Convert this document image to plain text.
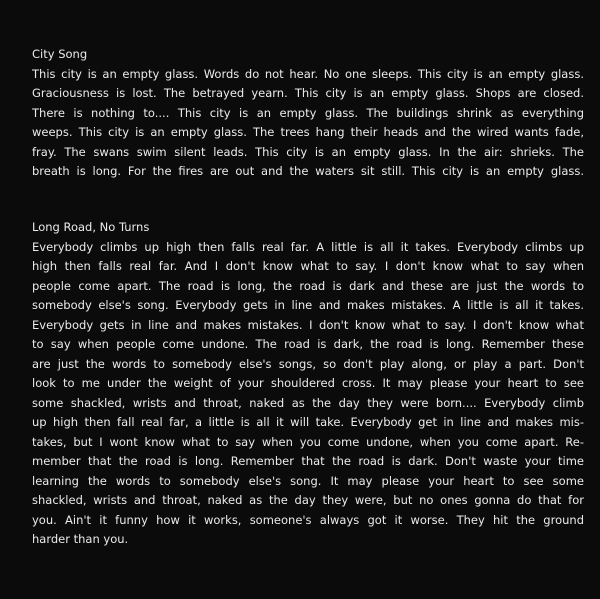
City Song
This city is an empty glass. Words do not hear. No one sleeps. This city is an empty glass.
Graciousness is lost. The betrayed yearn. This city is an empty glass. Shops are closed.
There is nothing to.... This city is an empty glass. The buildings shrink as everything
weeps. This city is an empty glass. The trees hang their heads and the wired wants fade,
fray. The swans swim silent leads. This city is an empty glass. In the air: shrieks. The
breath is long. For the fires are out and the waters sit still. This city is an empty glass.
Long Road, No Turns
Everybody climbs up high then falls real far. A little is all it takes. Everybody climbs up
high then falls real far. And I don't know what to say. I don't know what to say when
people come apart. The road is long, the road is dark and these are just the words to
somebody else's song. Everybody gets in line and makes mistakes. A little is all it takes.
Everybody gets in line and makes mistakes. I don't know what to say. I don't know what
to say when people come undone. The road is dark, the road is long. Remember these
are just the words to somebody else's songs, so don't play along, or play a part. Don't
look to me under the weight of your shouldered cross. It may please your heart to see
some shackled, wrists and throat, naked as the day they were born.... Everybody climb
up high then fall real far, a little is all it will take. Everybody get in line and makes mis-
takes, but I wont know what to say when you come undone, when you come apart. Re-
member that the road is long. Remember that the road is dark. Don't waste your time
learning the words to somebody else's song. It may please your heart to see some
shackled, wrists and throat, naked as the day they were, but no ones gonna do that for
you. Ain't it funny how it works, someone's always got it worse. They hit the ground
harder than you.
